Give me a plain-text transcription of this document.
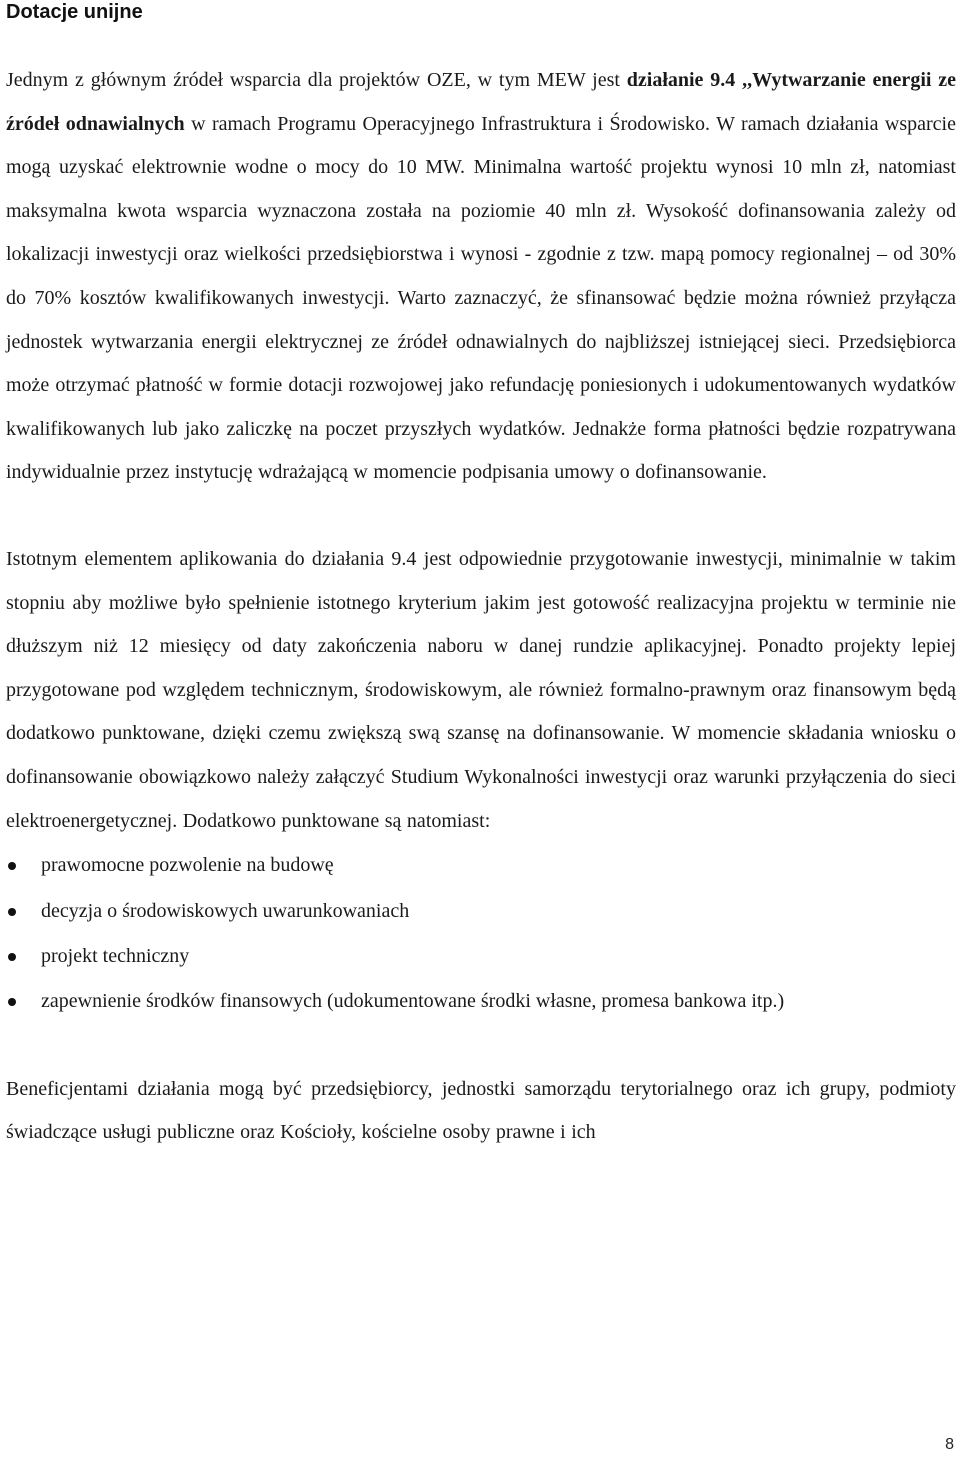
Dotacje unijne

Jednym z głównym źródeł wsparcia dla projektów OZE, w tym MEW jest działanie 9.4 ,,Wytwarzanie energii ze źródeł odnawialnych w ramach Programu Operacyjnego Infrastruktura i Środowisko. W ramach działania wsparcie mogą uzyskać elektrownie wodne o mocy do 10 MW. Minimalna wartość projektu wynosi 10 mln zł, natomiast maksymalna kwota wsparcia wyznaczona została na poziomie 40 mln zł. Wysokość dofinansowania zależy od lokalizacji inwestycji oraz wielkości przedsiębiorstwa i wynosi - zgodnie z tzw. mapą pomocy regionalnej – od 30% do 70% kosztów kwalifikowanych inwestycji. Warto zaznaczyć, że sfinansować będzie można również przyłącza jednostek wytwarzania energii elektrycznej ze źródeł odnawialnych do najbliższej istniejącej sieci. Przedsiębiorca może otrzymać płatność w formie dotacji rozwojowej jako refundację poniesionych i udokumentowanych wydatków kwalifikowanych lub jako zaliczkę na poczet przyszłych wydatków. Jednakże forma płatności będzie rozpatrywana indywidualnie przez instytucję wdrażającą w momencie podpisania umowy o dofinansowanie.

Istotnym elementem aplikowania do działania 9.4 jest odpowiednie przygotowanie inwestycji, minimalnie w takim stopniu aby możliwe było spełnienie istotnego kryterium jakim jest gotowość realizacyjna projektu w terminie nie dłuższym niż 12 miesięcy od daty zakończenia naboru w danej rundzie aplikacyjnej. Ponadto projekty lepiej przygotowane pod względem technicznym, środowiskowym, ale również formalno-prawnym oraz finansowym będą dodatkowo punktowane, dzięki czemu zwiększą swą szansę na dofinansowanie. W momencie składania wniosku o dofinansowanie obowiązkowo należy załączyć Studium Wykonalności inwestycji oraz warunki przyłączenia do sieci elektroenergetycznej. Dodatkowo punktowane są natomiast:

prawomocne pozwolenie na budowę
decyzja o środowiskowych uwarunkowaniach
projekt techniczny
zapewnienie środków finansowych (udokumentowane środki własne, promesa bankowa itp.)

Beneficjentami działania mogą być przedsiębiorcy, jednostki samorządu terytorialnego oraz ich grupy, podmioty świadczące usługi publiczne oraz Kościoły, kościelne osoby prawne i ich

8
